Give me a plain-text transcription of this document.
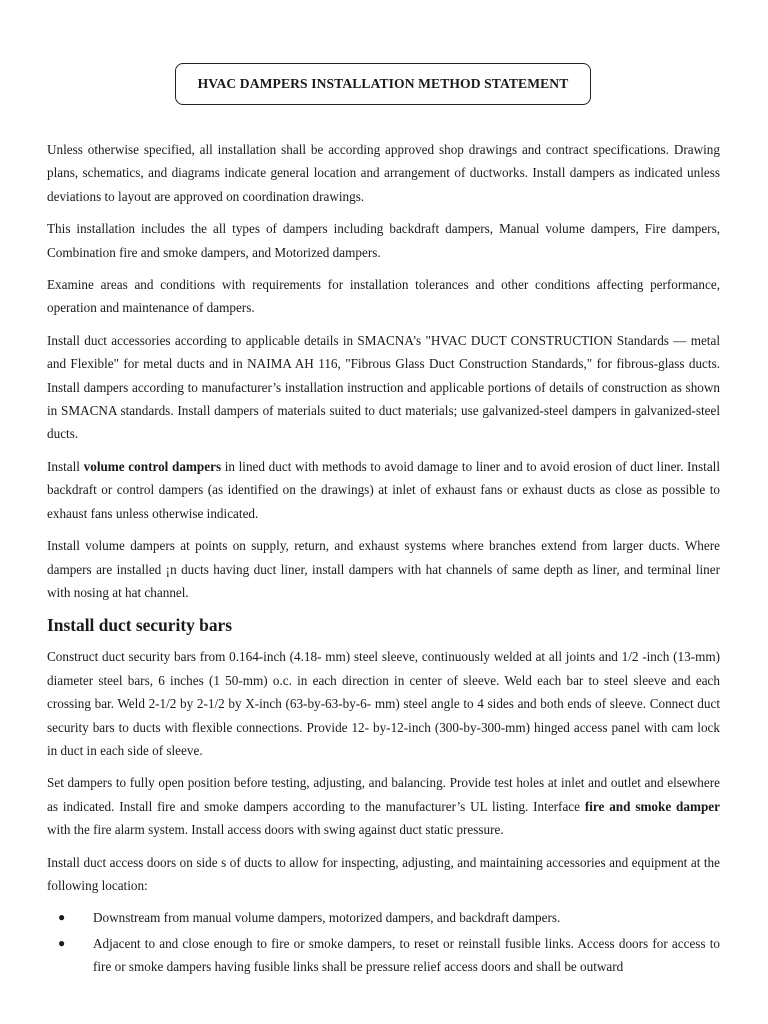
HVAC DAMPERS INSTALLATION METHOD STATEMENT

Unless otherwise specified, all installation shall be according approved shop drawings and contract specifications. Drawing plans, schematics, and diagrams indicate general location and arrangement of ductworks. Install dampers as indicated unless deviations to layout are approved on coordination drawings.

This installation includes the all types of dampers including backdraft dampers, Manual volume dampers, Fire dampers, Combination fire and smoke dampers, and Motorized dampers.

Examine areas and conditions with requirements for installation tolerances and other conditions affecting performance, operation and maintenance of dampers.

Install duct accessories according to applicable details in SMACNA’s "HVAC DUCT CONSTRUCTION Standards — metal and Flexible" for metal ducts and in NAIMA AH 116, "Fibrous Glass Duct Construction Standards," for fibrous-glass ducts. Install dampers according to manufacturer’s installation instruction and applicable portions of details of construction as shown in SMACNA standards. Install dampers of materials suited to duct materials; use galvanized-steel dampers in galvanized-steel ducts.

Install volume control dampers in lined duct with methods to avoid damage to liner and to avoid erosion of duct liner. Install backdraft or control dampers (as identified on the drawings) at inlet of exhaust fans or exhaust ducts as close as possible to exhaust fans unless otherwise indicated.

Install volume dampers at points on supply, return, and exhaust systems where branches extend from larger ducts. Where dampers are installed ¡n ducts having duct liner, install dampers with hat channels of same depth as liner, and terminal liner with nosing at hat channel.

Install duct security bars

Construct duct security bars from 0.164-inch (4.18- mm) steel sleeve, continuously welded at all joints and 1/2 -inch (13-mm) diameter steel bars, 6 inches (1 50-mm) o.c. in each direction in center of sleeve. Weld each bar to steel sleeve and each crossing bar. Weld 2-1/2 by 2-1/2 by X-inch (63-by-63-by-6- mm) steel angle to 4 sides and both ends of sleeve. Connect duct security bars to ducts with flexible connections. Provide 12- by-12-inch (300-by-300-mm) hinged access panel with cam lock in duct in each side of sleeve.

Set dampers to fully open position before testing, adjusting, and balancing. Provide test holes at inlet and outlet and elsewhere as indicated. Install fire and smoke dampers according to the manufacturer’s UL listing. Interface fire and smoke damper with the fire alarm system. Install access doors with swing against duct static pressure.

Install duct access doors on side s of ducts to allow for inspecting, adjusting, and maintaining accessories and equipment at the following location:

● Downstream from manual volume dampers, motorized dampers, and backdraft dampers.
● Adjacent to and close enough to fire or smoke dampers, to reset or reinstall fusible links. Access doors for access to fire or smoke dampers having fusible links shall be pressure relief access doors and shall be outward
